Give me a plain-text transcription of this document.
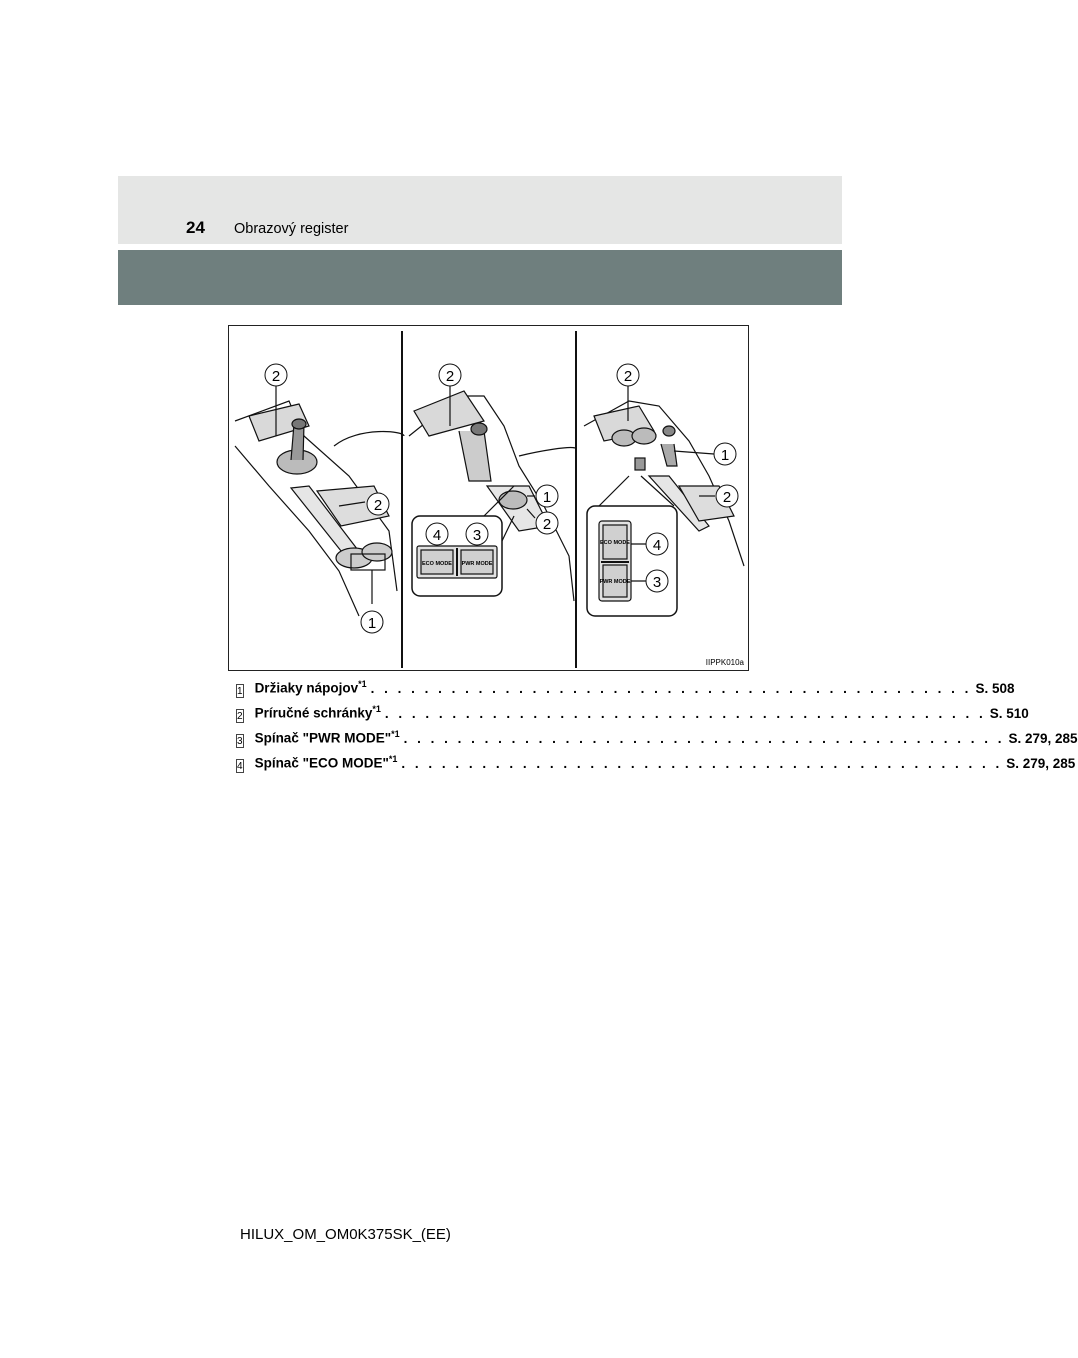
24 Obrazový register
2
2
1
2
1
2
4 3
2
1
2
4
3
ECO MODE PWR MODE
ECO MODE
PWR MODE
IIPPK010a
1 Držiaky nápojov$^{*1}$ . . . . . . . . . . . . . . . . . . . . . . . . . . . . . . . . . . . . . . . . . . . . . S. 508
2 Príručné schránky$^{*1}$ . . . . . . . . . . . . . . . . . . . . . . . . . . . . . . . . . . . . . . . . . . . . . S. 510
3 Spínač "PWR MODE"$^{*1}$ . . . . . . . . . . . . . . . . . . . . . . . . . . . . . . . . . . . . . . . . . . . . . S. 279, 285
4 Spínač "ECO MODE"$^{*1}$ . . . . . . . . . . . . . . . . . . . . . . . . . . . . . . . . . . . . . . . . . . . . . S. 279, 285
HILUX_OM_OM0K375SK_(EE)
